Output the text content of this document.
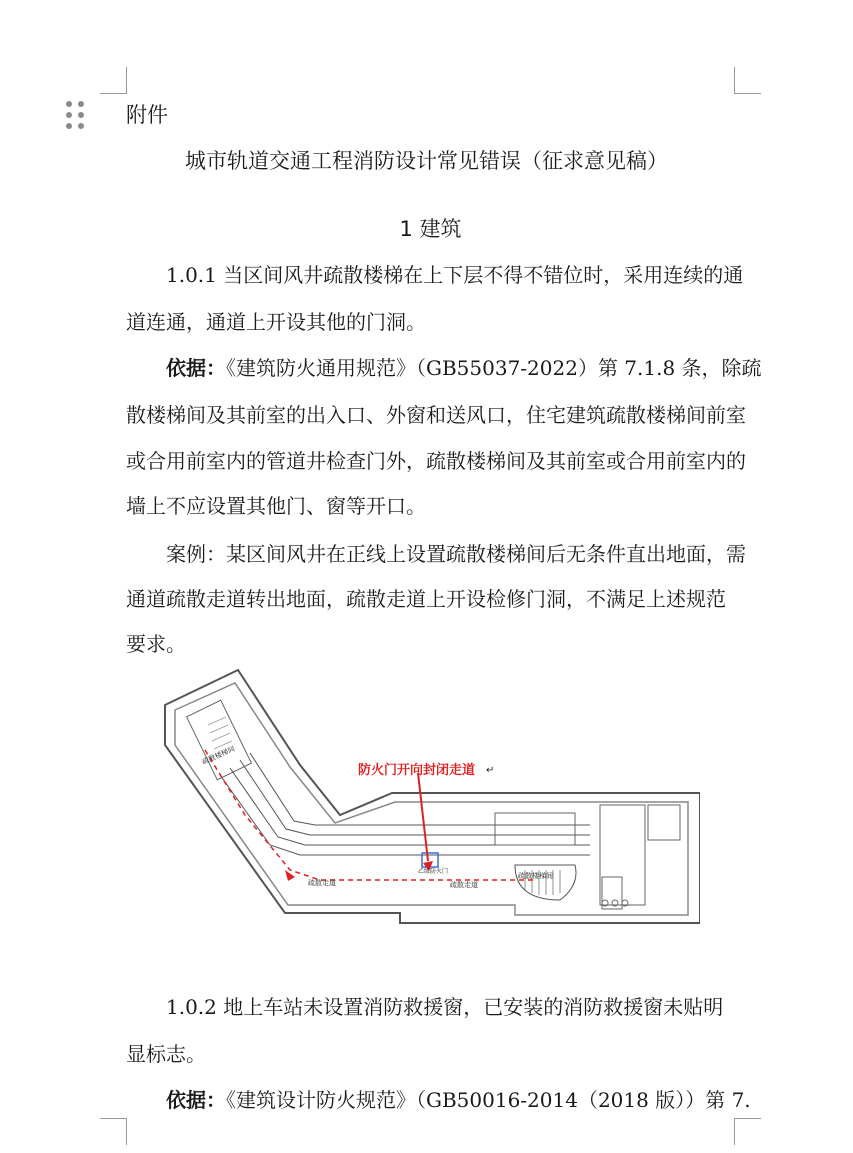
附件
城市轨道交通工程消防设计常见错误（征求意见稿）
1 建筑
1.0.1 当区间风井疏散楼梯在上下层不得不错位时，采用连续的通
道连通，通道上开设其他的门洞。
依据：《建筑防火通用规范》（GB55037-2022）第 7.1.8 条，除疏
散楼梯间及其前室的出入口、外窗和送风口，住宅建筑疏散楼梯间前室
或合用前室内的管道井检查门外，疏散楼梯间及其前室或合用前室内的
墙上不应设置其他门、窗等开口。
案例：某区间风井在正线上设置疏散楼梯间后无条件直出地面，需
通道疏散走道转出地面，疏散走道上开设检修门洞，不满足上述规范
要求。
防火门开向封闭走道 ↵
疏散楼梯间
疏散楼梯间
疏散走道	疏散走道
乙级防火门
1.0.2 地上车站未设置消防救援窗，已安装的消防救援窗未贴明
显标志。
依据：《建筑设计防火规范》（GB50016-2014（2018 版））第 7.
